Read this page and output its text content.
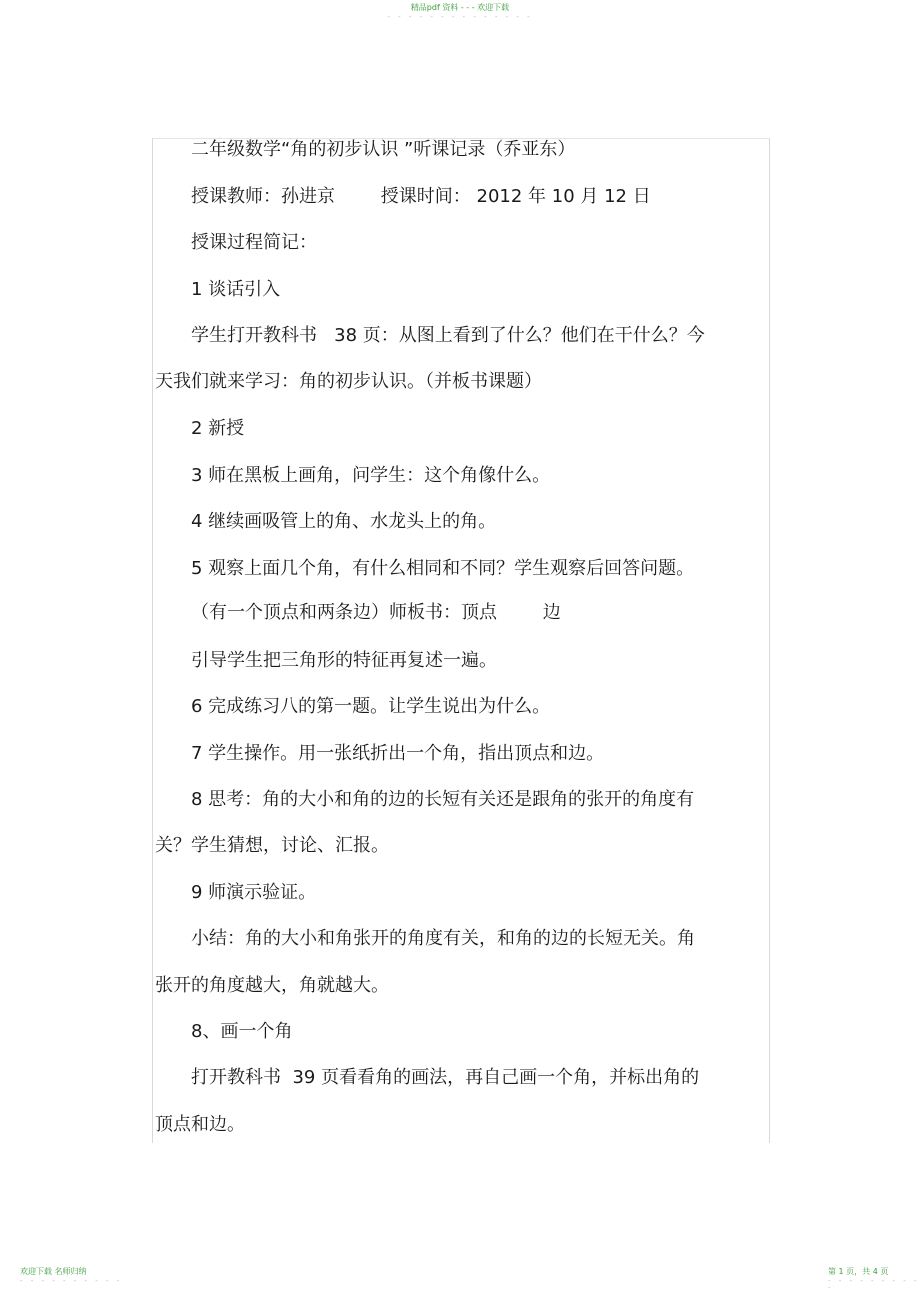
精品pdf 资料 - - - 欢迎下载
- - - - - - - - - - - - - -
二年级数学“角的初步认识 ”听课记录（乔亚东）
授课教师：孙进京        授课时间： 2012 年 10 月 12 日
授课过程简记：
1 谈话引入
学生打开教科书   38 页：从图上看到了什么？他们在干什么？今
天我们就来学习：角的初步认识。（并板书课题）
2 新授
3 师在黑板上画角，问学生：这个角像什么。
4 继续画吸管上的角、水龙头上的角。
5 观察上面几个角，有什么相同和不同？学生观察后回答问题。
（有一个顶点和两条边）师板书：顶点        边
引导学生把三角形的特征再复述一遍。
6 完成练习八的第一题。让学生说出为什么。
7 学生操作。用一张纸折出一个角，指出顶点和边。
8 思考：角的大小和角的边的长短有关还是跟角的张开的角度有
关？学生猜想，讨论、汇报。
9 师演示验证。
小结：角的大小和角张开的角度有关，和角的边的长短无关。角
张开的角度越大，角就越大。
8、画一个角
打开教科书  39 页看看角的画法，再自己画一个角，并标出角的
顶点和边。
欢迎下载 名师归纳
- - - - - - - - - -
第 1 页，共 4 页
- - - - - - - - - -
